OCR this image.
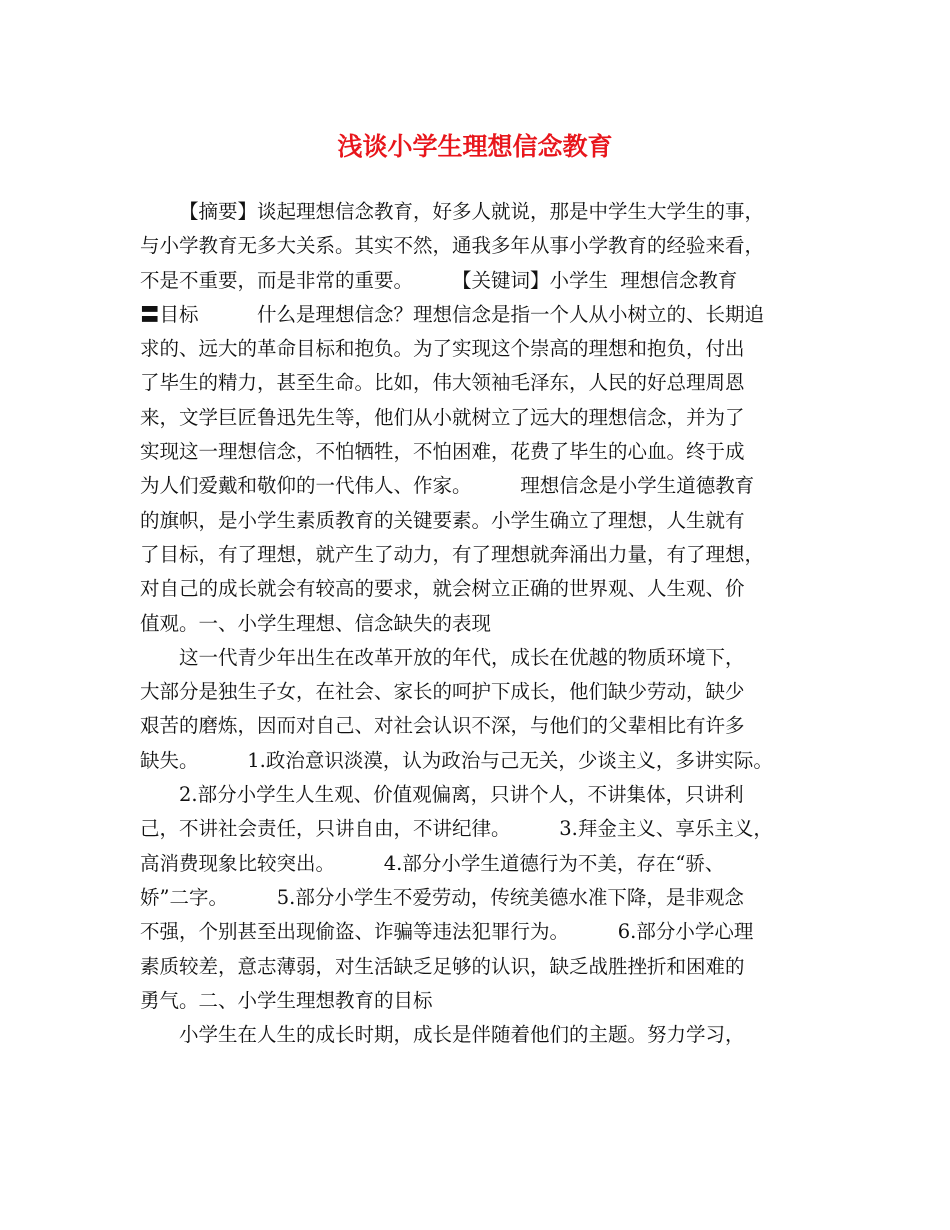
浅谈小学生理想信念教育
【摘要】谈起理想信念教育，好多人就说，那是中学生大学生的事，
与小学教育无多大关系。其实不然，通我多年从事小学教育的经验来看，
不是不重要，而是非常的重要。　　　【关键词】小学生  理想信念教育
〓目标　　　什么是理想信念？理想信念是指一个人从小树立的、长期追
求的、远大的革命目标和抱负。为了实现这个崇高的理想和抱负，付出
了毕生的精力，甚至生命。比如，伟大领袖毛泽东，人民的好总理周恩
来，文学巨匠鲁迅先生等，他们从小就树立了远大的理想信念，并为了
实现这一理想信念，不怕牺牲，不怕困难，花费了毕生的心血。终于成
为人们爱戴和敬仰的一代伟人、作家。　　　理想信念是小学生道德教育
的旗帜，是小学生素质教育的关键要素。小学生确立了理想，人生就有
了目标，有了理想，就产生了动力，有了理想就奔涌出力量，有了理想，
对自己的成长就会有较高的要求，就会树立正确的世界观、人生观、价
值观。一、小学生理想、信念缺失的表现
这一代青少年出生在改革开放的年代，成长在优越的物质环境下，
大部分是独生子女，在社会、家长的呵护下成长，他们缺少劳动，缺少
艰苦的磨炼，因而对自己、对社会认识不深，与他们的父辈相比有许多
缺失。　　　1.政治意识淡漠，认为政治与己无关，少谈主义，多讲实际。
2.部分小学生人生观、价值观偏离，只讲个人，不讲集体，只讲利
己，不讲社会责任，只讲自由，不讲纪律。　　　3.拜金主义、享乐主义，
高消费现象比较突出。　　　4.部分小学生道德行为不美，存在“骄、
娇”二字。　　　5.部分小学生不爱劳动，传统美德水准下降，是非观念
不强，个别甚至出现偷盗、诈骗等违法犯罪行为。　　　6.部分小学心理
素质较差，意志薄弱，对生活缺乏足够的认识，缺乏战胜挫折和困难的
勇气。二、小学生理想教育的目标
小学生在人生的成长时期，成长是伴随着他们的主题。努力学习，
